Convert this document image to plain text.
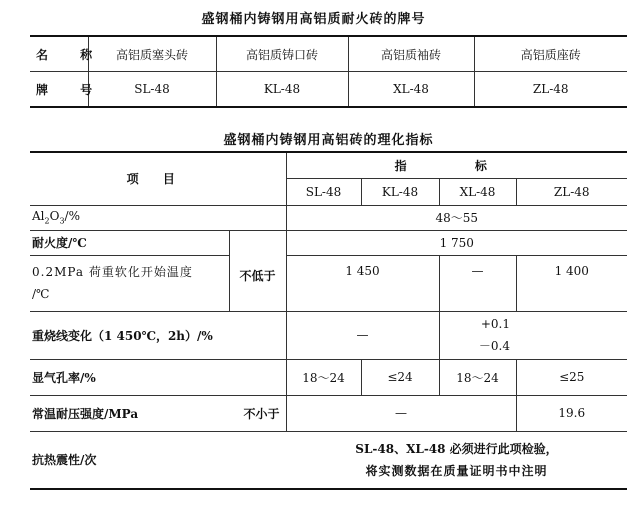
盛钢桶内铸钢用高铝质耐火砖的牌号
名 称	高铝质塞头砖	高铝质铸口砖	高铝质袖砖	高铝质座砖
牌 号	SL-48	KL-48	XL-48	ZL-48
盛钢桶内铸钢用高铝砖的理化指标
项 目		指 标			
		SL-48	KL-48	XL-48	ZL-48
$Al_2O_3/\%$		48～55			
耐火度/℃	不低于	1 750			

0.2MPa 荷重软化开始温度
/℃		1 450		—	1 400
重烧线变化（1 450℃，2h）/%		—		+0.1
－0.4	

显气孔率/%		18～24	≤24	18～24	≤25
常温耐压强度/MPa	不小于	—			19.6
抗热震性/次		SL-48、XL-48 必须进行此项检验，
将实测数据在质量证明书中注明			
